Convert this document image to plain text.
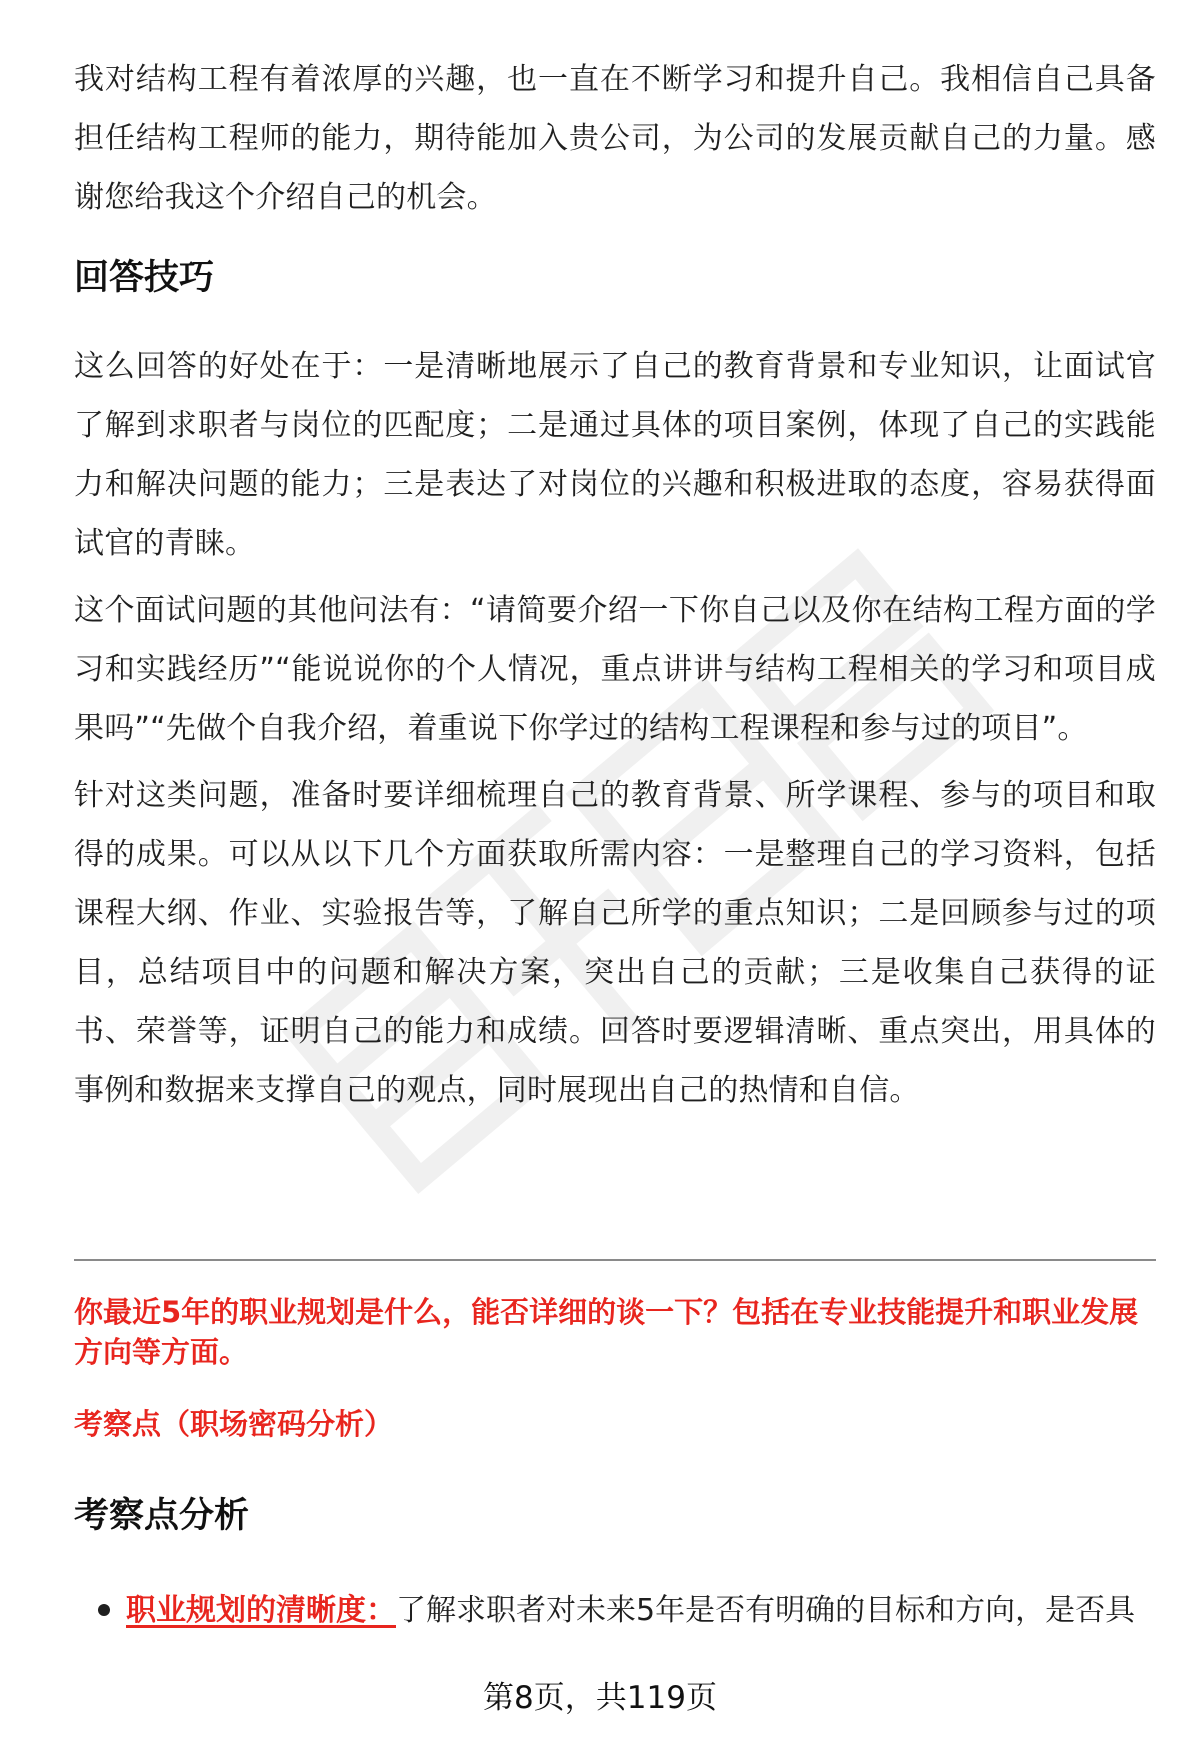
我对结构工程有着浓厚的兴趣，也一直在不断学习和提升自己。我相信自己具备担任结构工程师的能力，期待能加入贵公司，为公司的发展贡献自己的力量。感谢您给我这个介绍自己的机会。

回答技巧

这么回答的好处在于：一是清晰地展示了自己的教育背景和专业知识，让面试官了解到求职者与岗位的匹配度；二是通过具体的项目案例，体现了自己的实践能力和解决问题的能力；三是表达了对岗位的兴趣和积极进取的态度，容易获得面试官的青睐。

这个面试问题的其他问法有：“请简要介绍一下你自己以及你在结构工程方面的学习和实践经历”“能说说你的个人情况，重点讲讲与结构工程相关的学习和项目成果吗”“先做个自我介绍，着重说下你学过的结构工程课程和参与过的项目”。

针对这类问题，准备时要详细梳理自己的教育背景、所学课程、参与的项目和取得的成果。可以从以下几个方面获取所需内容：一是整理自己的学习资料，包括课程大纲、作业、实验报告等，了解自己所学的重点知识；二是回顾参与过的项目，总结项目中的问题和解决方案，突出自己的贡献；三是收集自己获得的证书、荣誉等，证明自己的能力和成绩。回答时要逻辑清晰、重点突出，用具体的事例和数据来支撑自己的观点，同时展现出自己的热情和自信。

你最近5年的职业规划是什么，能否详细的谈一下？包括在专业技能提升和职业发展方向等方面。

考察点（职场密码分析）

考察点分析
职业规划的清晰度：了解求职者对未来5年是否有明确的目标和方向，是否具
第8页，共119页
